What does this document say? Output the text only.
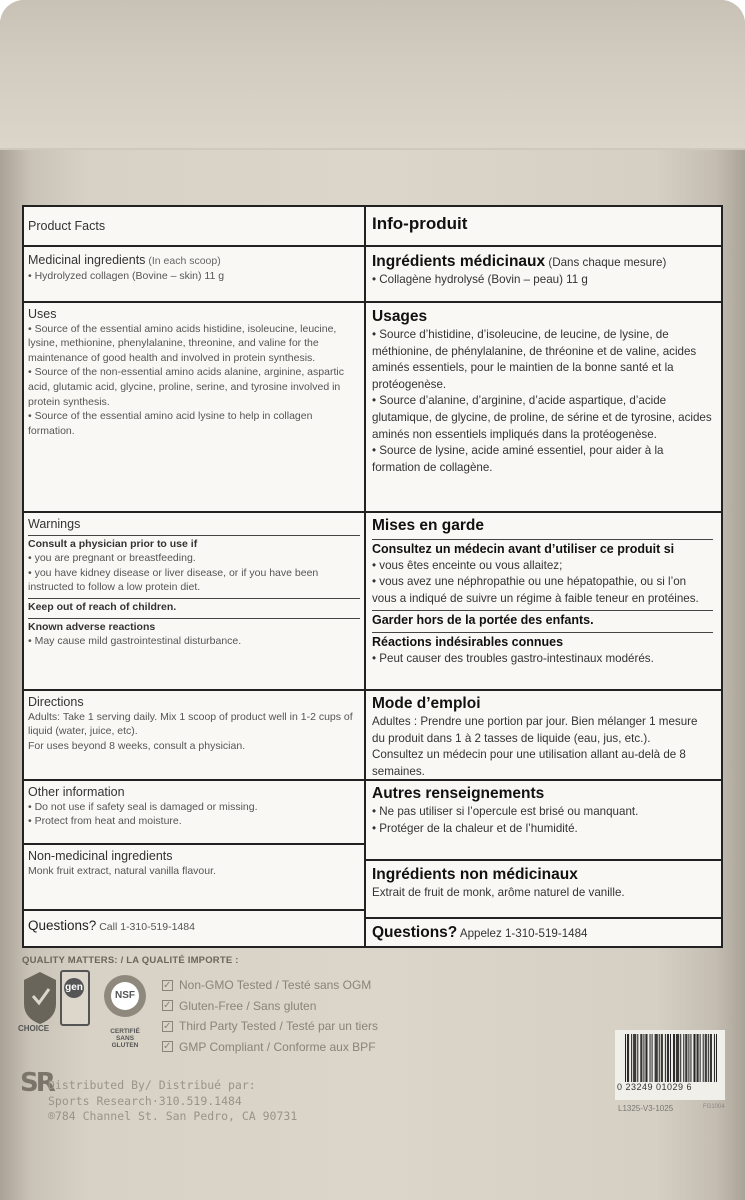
Product Facts
Medicinal ingredients (In each scoop)
• Hydrolyzed collagen (Bovine – skin) 11 g
Uses
• Source of the essential amino acids histidine, isoleucine, leucine, lysine, methionine, phenylalanine, threonine, and valine for the maintenance of good health and involved in protein synthesis.
• Source of the non-essential amino acids alanine, arginine, aspartic acid, glutamic acid, glycine, proline, serine, and tyrosine involved in protein synthesis.
• Source of the essential amino acid lysine to help in collagen formation.
Warnings
Consult a physician prior to use if
• you are pregnant or breastfeeding.
• you have kidney disease or liver disease, or if you have been instructed to follow a low protein diet.
Keep out of reach of children.
Known adverse reactions
• May cause mild gastrointestinal disturbance.
Directions
Adults: Take 1 serving daily. Mix 1 scoop of product well in 1-2 cups of liquid (water, juice, etc).
For uses beyond 8 weeks, consult a physician.
Other information
• Do not use if safety seal is damaged or missing.
• Protect from heat and moisture.
Non-medicinal ingredients
Monk fruit extract, natural vanilla flavour.
Questions? Call 1-310-519-1484
Info-produit
Ingrédients médicinaux (Dans chaque mesure)
• Collagène hydrolysé (Bovin – peau) 11 g
Usages
• Source d’histidine, d’isoleucine, de leucine, de lysine, de méthionine, de phénylalanine, de thréonine et de valine, acides aminés essentiels, pour le maintien de la bonne santé et la protéogenèse.
• Source d’alanine, d’arginine, d’acide aspartique, d’acide glutamique, de glycine, de proline, de sérine et de tyrosine, acides aminés non essentiels impliqués dans la protéogenèse.
• Source de lysine, acide aminé essentiel, pour aider à la formation de collagène.
Mises en garde
Consultez un médecin avant d’utiliser ce produit si
• vous êtes enceinte ou vous allaitez;
• vous avez une néphropathie ou une hépatopathie, ou si l’on vous a indiqué de suivre un régime à faible teneur en protéines.
Garder hors de la portée des enfants.
Réactions indésirables connues
• Peut causer des troubles gastro-intestinaux modérés.
Mode d’emploi
Adultes : Prendre une portion par jour. Bien mélanger 1 mesure du produit dans 1 à 2 tasses de liquide (eau, jus, etc.).
Consultez un médecin pour une utilisation allant au-delà de 8 semaines.
Autres renseignements
• Ne pas utiliser si l’opercule est brisé ou manquant.
• Protéger de la chaleur et de l’humidité.
Ingrédients non médicinaux
Extrait de fruit de monk, arôme naturel de vanille.
Questions? Appelez 1-310-519-1484
QUALITY MATTERS: / LA QUALITÉ IMPORTE :
CHOICE
gen
NSF
CERTIFIÉ SANS GLUTEN
✓
Non-GMO Tested / Testé sans OGM
✓
Gluten-Free / Sans gluten
✓
Third Party Tested / Testé par un tiers
✓
GMP Compliant / Conforme aux BPF
SR
Distributed By/ Distribué par:
Sports Research·310.519.1484
®784 Channel St. San Pedro, CA 90731
0 23249 01029 6
L1325-V3-1025	FG1004
